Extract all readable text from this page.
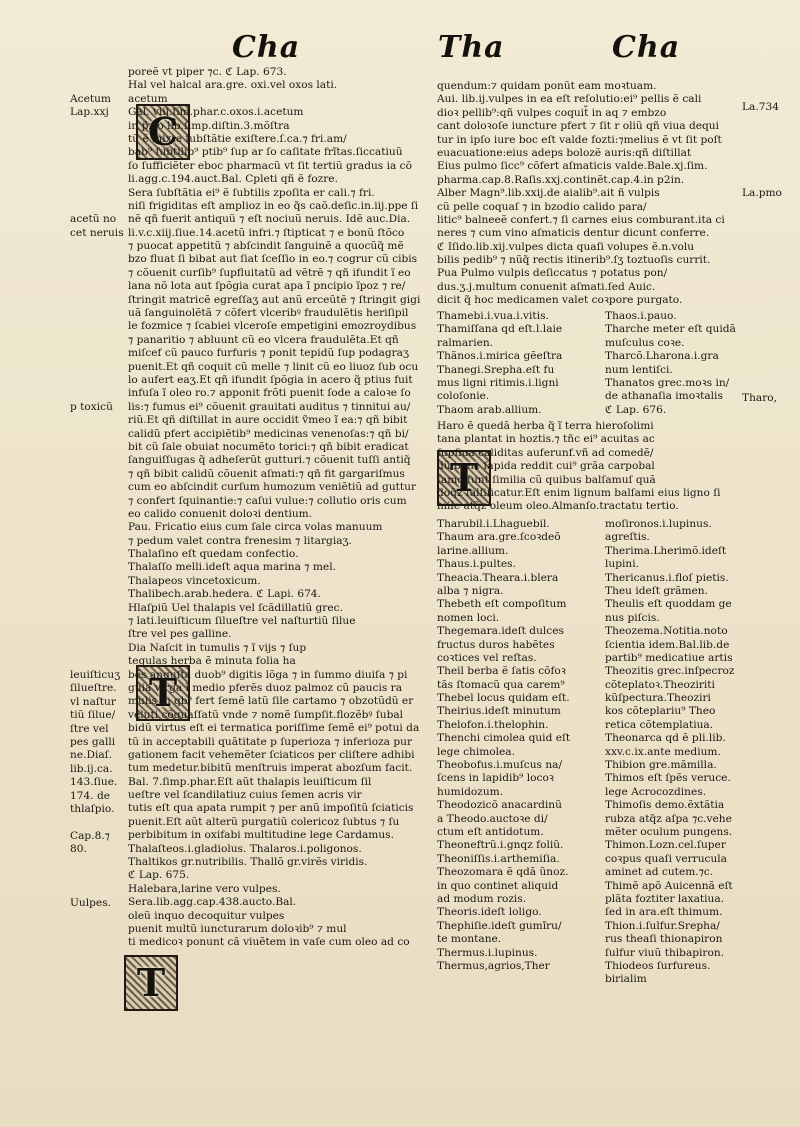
Cha	Tha	Cha
C
T
T
T
poreẽ vt piper ⁊c. ℭ Lap. 673.
Hal vel halcal ara.gre. oxi.vel oxos lati.
acetum
Gal. viij.ſim.phar.c.oxos.i.acetum
in p̃zio lib.ſimp.diſtin.3.mõſtra
tũ ẽ mixte ſubſtãtie exiſtere.ſ.ca.⁊ fri.am/
bab⁹ ſubtilib⁹ ptib⁹ ſup ar ſo caſitate frĩtas.ſiccatiuũ
ſo ſufficiẽter eboc pharmacũ vt ſit tertiũ gradus ia cõ
li.agg.c.194.auct.Bal. Cpleti qñ ẽ fozre.
Sera ſubſtãtia ei⁹ ẽ ſubtilis zpoſita er cali.⁊ fri.
niſi frigiditas eſt amplioz in eo q̃s caõ.deſic.in.iij.ppe ſi
nẽ qñ fuerit antiquũ ⁊ eſt nociuũ neruis. Idẽ auc.Dia.
li.v.c.xiij.ſiue.14.acetũ infri.⁊ ſtipticat ⁊ e bonũ ſtõco
⁊ puocat appetitũ ⁊ abſcindit ſanguinẽ a quocũq̃ mẽ
bzo fluat ſi bibat aut ſiat ſceſſio in eo.⁊ cogrur cũ cibis
⁊ cõuenit curſib⁹ ſupfluitatũ ad vẽtrẽ ⁊ qñ ifundit ĩ eo
lana nõ lota aut ſpõgia curat apa ĩ pncipio ĩpoz ⁊ re/
ſtringit matricẽ egreſſaʒ aut anũ erceũtẽ ⁊ ſtringit gigi
uã ſanguinolẽtã ⁊ cõfert vlceribꝰ fraudulẽtis heriſipil
le fozmice ⁊ ſcabiei vlceroſe empetigini emozroydibus
⁊ panaritio ⁊ abluunt cũ eo vlcera fraudulẽta.Et qñ
miſcef cũ pauco furfuris ⁊ ponit tepidũ ſup podagraʒ
puenit.Et qñ coquit cũ melle ⁊ linit cũ eo liuoz ſub ocu
lo aufert eaʒ.Et qñ ifundit ſpõgia in acero q̃ ptius fuit
infuſa ĩ oleo ro.⁊ apponit frõti puenit ſode a caloꝛe ſo
lis:⁊ fumus ei⁹ cõuenit grauitati auditus ⁊ tinnitui au/
riũ.Et qñ diſtillat in aure occidit ṽmeo ĩ ea:⁊ qñ bibit
calidũ pfert accipiẽtib⁹ medicinas venenoſas:⁊ qñ bi/
bit cũ ſale obuiat nocumẽto torici:⁊ qñ bibit eradicat
ſanguiſſugas q̃ adheſerũt gutturi.⁊ cõuenit tuſſi antiq̃
⁊ qñ bibit calidũ cõuenit aſmati:⁊ qñ fit gargariſmus
cum eo abſcindit curſum humozum veniẽtiũ ad guttur
⁊ confert ſquinantie:⁊ caſui vulue:⁊ collutio oris cum
eo calido conuenit doloꝛi dentium.
Pau. Fricatio eius cum ſale circa volas manuum
⁊ pedum valet contra frenesim ⁊ litargiaʒ.
Thalaſino eſt quedam confectio.
Thalaſſo melli.ideſt aqua marina ⁊ mel.
Thalapeos vincetoxicum.
Thalibech.arab.hedera. ℭ Lapi. 674.
Hlaſpiũ Uel thalapis vel ſcãdillatiũ grec.
⁊ lati.leuiſticum ſilueſtre vel naſturtiũ ſilue
ſtre vel pes galline.
Dia Naſcit in tumulis ⁊ ĩ vijs ⁊ ſup
tegulas herba ẽ minuta folia ha
bẽs anguſta duob⁹ digitis lõga ⁊ in ſummo diuiſa ⁊ pi
guia virga ĩ medio pferẽs duoz palmoz cũ paucis ra
mulis in qb⁹ fert ſemẽ latũ ſile cartamo ⁊ obzotũdũ er
veluti cõquaſſatũ vnde ⁊ nomẽ ſumpſit.flozẽbꝰ ſubal
bidũ virtus eſt ei termatica poriſſime ſemẽ ei⁹ potui da
tũ in acceptabili quãtitate p ſuperioza ⁊ inferioza pur
gationem facit vehemẽter ſciaticos per cliſtere adhibi
tum medetur.bibitũ menſtruis imperat abozſum facit.
Bal. 7.ſimp.phar.Eſt aũt thalapis leuiſticum ſil
ueſtre vel ſcandilatiuz cuius ſemen acris vir
tutis eſt qua apata rumpit ⁊ per anũ impoſitũ ſciaticis
puenit.Eſt aũt alterũ purgatiũ colericoz ſubtus ⁊ ſu
perbibitum in oxifabi multitudine lege Cardamus.
Thalaſteos.i.gladiolus. Thalaros.i.poligonos.
Thaltikos gr.nutribilis. Thallõ gr.virẽs viridis.
ℭ Lap. 675.
Halebara,larine vero vulpes.
Sera.lib.agg.cap.438.aucto.Bal.
oleũ inquo decoquitur vulpes
puenit multũ iuncturarum doloꝛib⁹ ⁊ mul
ti medicoꝛ ponunt cã viuẽtem in vaſe cum oleo ad co
Acetum
Lap.xxj
acetũ no
cet neruis
p toxicũ
leuiſticuʒ
ſilueſtre.
vl naſtur
tiũ ſilue/
ſtre vel
pes galli
ne.Diaſ.
lib.ij.ca.
143.ſiue.
174. de
thlaſpio.
Cap.8.⁊
80.
Uulpes.
quendum:⁊ quidam ponũt eam moꝛtuam.
Aui. lib.ij.vulpes in ea eſt reſolutio:ei⁹ pellis ẽ cali
dioꝛ pellib⁹:qñ vulpes coquit̃ in aq ⁊ embzo
cant doloꝛoſe iuncture pfert ⁊ ſit r oliũ qñ viua dequi
tur in ipſo iure boc eſt valde fozti:⁊melius ẽ vt ſit poſt
euacuatione:eius adeps bolozẽ auris:qñ diſtillat
Eius pulmo ſicc⁹ cõfert aſmaticis valde.Bale.xj.ſim.
pharma.cap.8.Raſis.xxj.continẽt.cap.4.in p2in.
Alber Magn⁹.lib.xxij.de aialib⁹.ait ñ vulpis
cũ pelle coquaſ ⁊ in bzodio calido para/
litic⁹ balneeẽ confert.⁊ ſi carnes eius comburant.ita ci
neres ⁊ cum vino aſmaticis dentur dicunt conferre.
ℭ Iſido.lib.xij.vulpes dicta quaſi volupes ẽ.n.volu
bilis pedib⁹ ⁊ nũq̃ rectis itinerib⁹.ſʒ toztuoſis currit.
Pua Pulmo vulpis deſiccatus ⁊ potatus pon/
dus.ʒ.j.multum conuenit aſmati.ſed Auic.
dicit q̃ hoc medicamen valet coꝛpore purgato.
Thamebi.i.vua.i.vitis.	Thaos.i.pauo.
Thamiſſana qd eſt.l.laie	Tharche meter eſt quidã
ralmarien.	muſculus coꝛe.
Thãnos.i.mirica gẽeſtra	Tharcõ.Lharona.i.gra
Thanegi.Srepha.eſt fu	num lentiſci.
mus ligni ritimis.i.ligni	Thanatos grec.moꝛs in/
coloſonie.	de athanaſia imoꝛtalis
Thaom arab.allium.	ℭ Lap. 676.
Haro ẽ quedã herba q̃ ĩ terra hieroſolimi
tana plantat in hoztis.⁊ tñc ei⁹ acuitas ac
ſupfiua caliditas auferunf.vñ ad comedẽ/
dũ bene ſapida reddit cui⁹ grãa carpobal
ſamo ſunt ſimilia cũ quibus balſamuſ quã
doq̃z falſificatur.Eſt enim lignum balſami eius ligno ſi
mile atq̃z oleum oleo.Almanſo.tractatu tertio.
Tharubil.i.Lhaguebil.	moſironos.i.lupinus.
Thaum ara.gre.ſcoꝛdeõ	agreſtis.
larine.allium.	Therima.Lherimõ.ideſt
Thaus.i.pultes.	lupini.
Theacia.Theara.i.blera	Thericanus.i.floſ pietis.
alba ⁊ nigra.	Theu ideſt grãmen.
Thebeth eſt compoſitum	Theulis eſt quoddam ge
nomen loci.	nus piſcis.
Thegemara.ideſt dulces	Theozema.Notitia.noto
fructus duros habẽtes	ſcientia idem.Bal.lib.de
coꝛtices vel reſtas.	partib⁹ medicatiue artis
Theil berba ẽ ſatis cõfoꝛ	Theozitis grec.inſpecroz
tãs ſtomacũ qua carem⁹	cõteplatoꝛ.Theoziriti
Thebel locus quidam eſt.	kũſpectura.Theoziri
Theirius.ideſt minutum	kos cõteplariu⁹ Theo
Thelofon.i.thelophin.	retica cõtemplatiua.
Thenchi cimolea quid eſt	Theonarca qd ẽ pli.lib.
lege chimolea.	xxv.c.ix.ante medium.
Theobofus.i.muſcus na/	Thibion gre.mãmilla.
ſcens in lapidib⁹ locoꝛ	Thimos eſt ſpẽs veruce.
humidozum.	lege Acrocozdines.
Theodozicõ anacardinũ	Thimoſis demo.ẽxtãtia
a Theodo.auctoꝛe di/	rubza atq̃z aſpa ⁊c.vehe
ctum eſt antidotum.	mẽter oculum pungens.
Theoneftrũ.i.gnqz foliũ.	Thimon.Lozn.cel.ſuper
Theoniſſis.i.arthemiſia.	coꝛpus quaſi verrucula
Theozomara ẽ qdã ũnoz.	aminet ad cutem.⁊c.
in quo continet aliquid	Thimẽ apõ Auicennã eſt
ad modum rozis.	plãta foztiter laxatiua.
Theoris.ideſt loligo.	ſed in ara.eſt thimum.
Thephiſie.ideſt gumĩru/	Thion.i.ſulfur.Srepha/
te montane.	rus theaſi thionapiron
Thermus.i.lupinus.	ſulfur viuũ thibapiron.
Thermus,agrios,Ther	Thiodeos ſurfureus.
birialim
La.734
La.pmo
Tharo,
